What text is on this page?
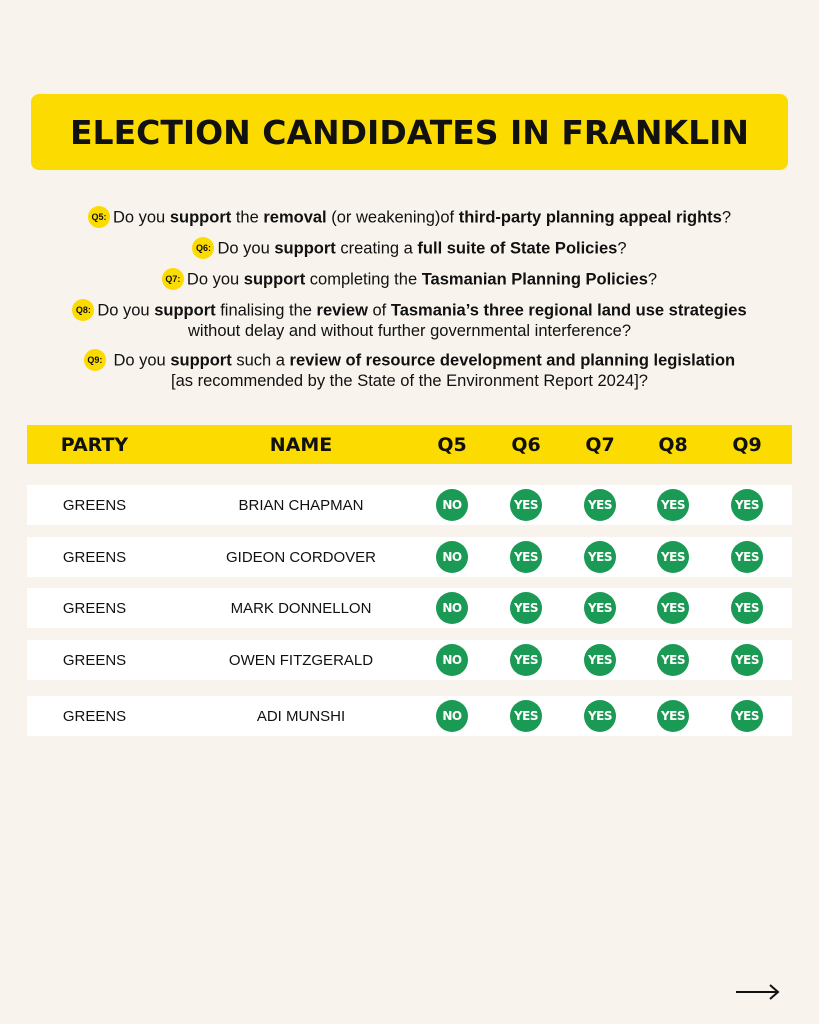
ELECTION CANDIDATES IN FRANKLIN
Q5: Do you support the removal (or weakening)of third-party planning appeal rights?
Q6: Do you support creating a full suite of State Policies?
Q7: Do you support completing the Tasmanian Planning Policies?
Q8: Do you support finalising the review of Tasmania’s three regional land use strategies
without delay and without further governmental interference?
Q9: Do you support such a review of resource development and planning legislation
[as recommended by the State of the Environment Report 2024]?
PARTY	NAME	Q5	Q6	Q7	Q8	Q9
GREENS	BRIAN CHAPMAN	NO	YES	YES	YES	YES
GREENS	GIDEON CORDOVER	NO	YES	YES	YES	YES
GREENS	MARK DONNELLON	NO	YES	YES	YES	YES
GREENS	OWEN FITZGERALD	NO	YES	YES	YES	YES
GREENS	ADI MUNSHI	NO	YES	YES	YES	YES
